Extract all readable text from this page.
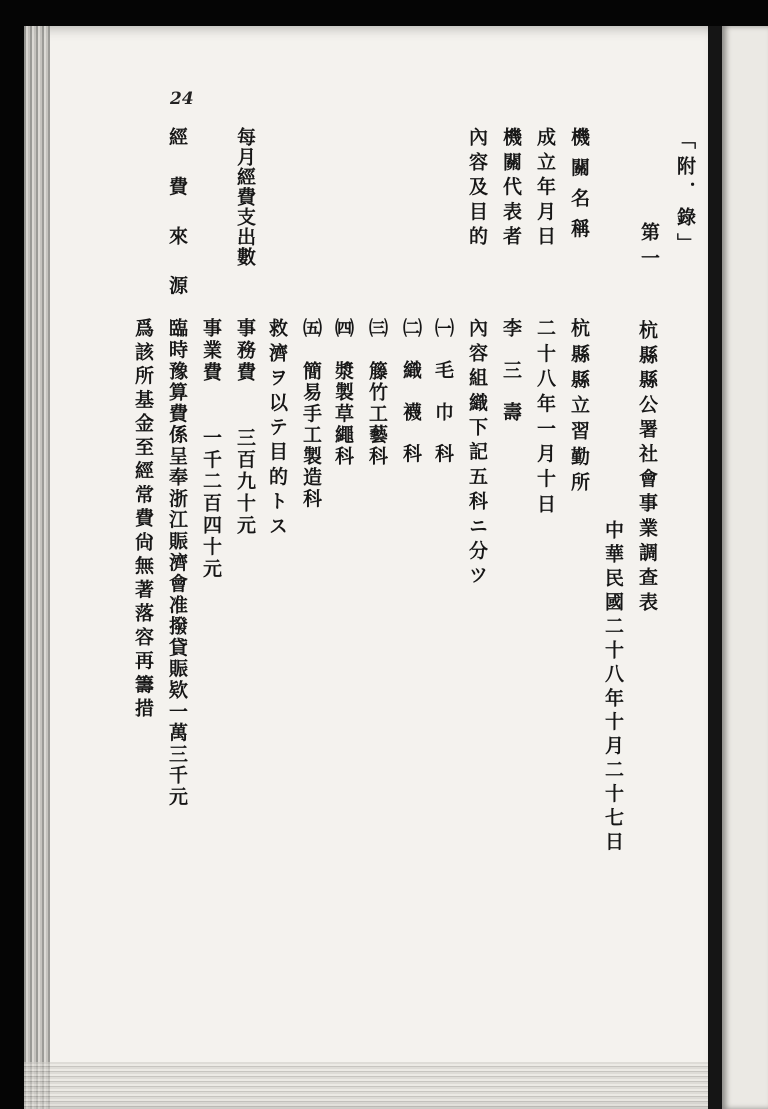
24
「附．錄」
第一
杭縣縣公署社會事業調查表
中華民國二十八年十月二十七日
機關名稱
成立年月日
機關代表者
內容及目的
杭縣縣立習勤所
二十八年一月十日
李　三　壽
內容組織下記五科ニ分ツ
㈠　毛　巾　科
㈡　織　襪　科
㈢　籐竹工藝科
㈣　漿製草繩科
㈤　簡易手工製造科
救濟ヲ以テ目的トス
每月經費支出數
事務費　　三百九十元
事業費　　一千二百四十元
經　費　來　源
臨時豫算費係呈奉浙江賑濟會准撥貸賑欵一萬三千元
爲該所基金至經常費尙無著落容再籌措
